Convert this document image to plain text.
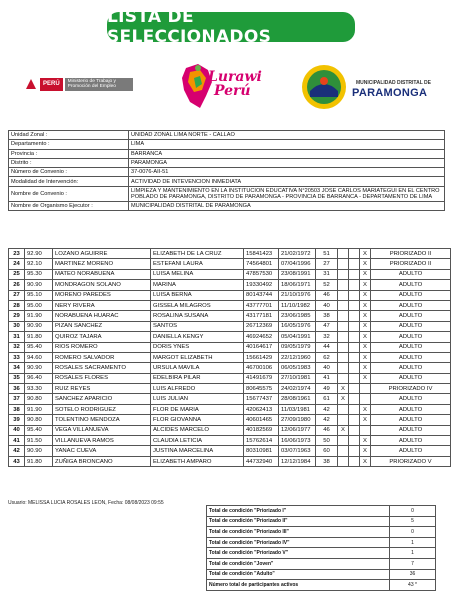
LISTA DE SELECCIONADOS
PERÚ	Ministerio de Trabajo y Promoción del Empleo
Lurawi
Perú	MUNICIPALIDAD DISTRITAL DE
PARAMONGA
Unidad Zonal :	UNIDAD ZONAL LIMA NORTE - CALLAO
Departamento :	LIMA
Provincia :	BARRANCA
Distrito :	PARAMONGA
Número de Convenio :	37-0076-AII-51
Modalidad de Intervención:	ACTIVIDAD DE INTEVENCION INMEDIATA
Nombre de Convenio :	LIMPIEZA Y MANTENIMIENTO EN LA INSTITUCION EDUCATIVA N°20503 JOSE CARLOS MARIATEGUI EN EL CENTRO POBLADO DE PARAMONGA, DISTRITO DE PARAMONGA - PROVINCIA DE BARRANCA - DEPARTAMENTO DE LIMA
Nombre de Organismo Ejecutor :	MUNICIPALIDAD DISTRITAL DE PARAMONGA
23	92.90	LOZANO AGUIRRE	ELIZABETH DE LA CRUZ	15841423	21/02/1972	51			X	PRIORIZADO II
24	92.10	MARTINEZ MORENO	ESTEFANI LAURA	74564801	07/04/1996	27			X	PRIORIZADO II
25	95.30	MATEO NORABUENA	LUISA MELINA	47857530	23/08/1991	31			X	ADULTO
26	90.90	MONDRAGON SOLANO	MARINA	19330492	18/06/1971	52			X	ADULTO
27	95.10	MORENO PAREDES	LUISA BERNA	80143744	21/10/1976	46			X	ADULTO
28	95.00	NERY RIVERA	GISSELA MILAGROS	43777701	11/10/1982	40			X	ADULTO
29	91.90	NORABUENA HUARAC	ROSALINA SUSANA	43177181	23/06/1985	38			X	ADULTO
30	90.90	PIZAN SANCHEZ	SANTOS	26712369	16/05/1976	47			X	ADULTO
31	91.80	QUIROZ TAJARA	DANIELLA KENGY	46924652	05/04/1991	32			X	ADULTO
32	95.40	RIOS ROMERO	DORIS YNES	40164617	09/05/1979	44			X	ADULTO
33	94.60	ROMERO SALVADOR	MARGOT ELIZABETH	15661429	22/12/1960	62			X	ADULTO
34	90.90	ROSALES SACRAMENTO	URSULA MAVILA	46700106	06/05/1983	40			X	ADULTO
35	96.40	ROSALES FLORES	EDELBIRA PILAR	41491679	27/10/1981	41			X	ADULTO
36	93.30	RUIZ REYES	LUIS ALFREDO	80645575	24/02/1974	49	X			PRIORIZADO IV
37	90.80	SANCHEZ APARICIO	LUIS JULIAN	15677437	28/08/1961	61	X			ADULTO
38	91.90	SOTELO RODRIGUEZ	FLOR DE MARIA	42062413	11/03/1981	42			X	ADULTO
39	90.80	TOLENTINO MENDOZA	FLOR GIOVANNA	40601465	27/09/1980	42			X	ADULTO
40	95.40	VEGA VILLANUEVA	ALCIDES MARCELO	40182569	12/06/1977	46	X			ADULTO
41	91.50	VILLANUEVA RAMOS	CLAUDIA LETICIA	15762614	16/06/1973	50			X	ADULTO
42	90.90	YANAC CUEVA	JUSTINA MARCELINA	80310981	03/07/1963	60			X	ADULTO
43	91.80	ZUÑIGA BRONCANO	ELIZABETH AMPARO	44732940	12/12/1984	38			X	PRIORIZADO V
Usuario: MELISSA LUCIA ROSALES LEON, Fecha: 08/08/2023 09:55
Total de condición "Priorizado I"	0
Total de condición "Priorizado II"	5
Total de condición "Priorizado III"	0
Total de condición "Priorizado IV"	1
Total de condición "Priorizado V"	1
Total de condición "Joven"	7
Total de condición "Adulto"	36
Número total de participantes activos	43 *
